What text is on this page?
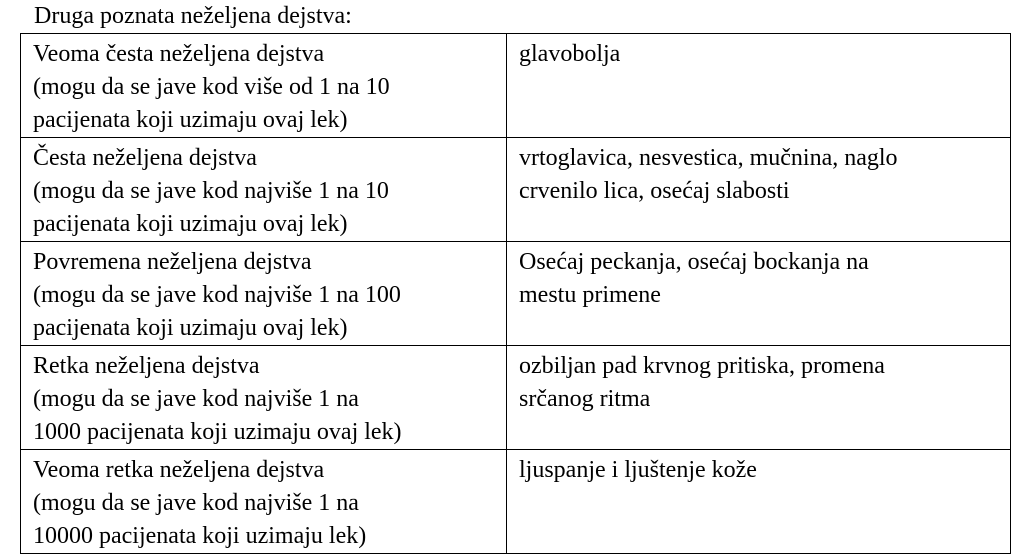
Druga poznata neželjena dejstva:
Veoma česta neželjena dejstva
(mogu da se jave kod više od 1 na 10
pacijenata koji uzimaju ovaj lek)	glavobolja

Česta neželjena dejstva
(mogu da se jave kod najviše 1 na 10
pacijenata koji uzimaju ovaj lek)	vrtoglavica, nesvestica, mučnina, naglo
crvenilo lica, osećaj slabosti

Povremena neželjena dejstva
(mogu da se jave kod najviše 1 na 100
pacijenata koji uzimaju ovaj lek)	Osećaj peckanja, osećaj bockanja na
mestu primene

Retka neželjena dejstva
(mogu da se jave kod najviše 1 na
1000 pacijenata koji uzimaju ovaj lek)	ozbiljan pad krvnog pritiska, promena
srčanog ritma

Veoma retka neželjena dejstva
(mogu da se jave kod najviše 1 na
10000 pacijenata koji uzimaju lek)	ljuspanje i ljuštenje kože
